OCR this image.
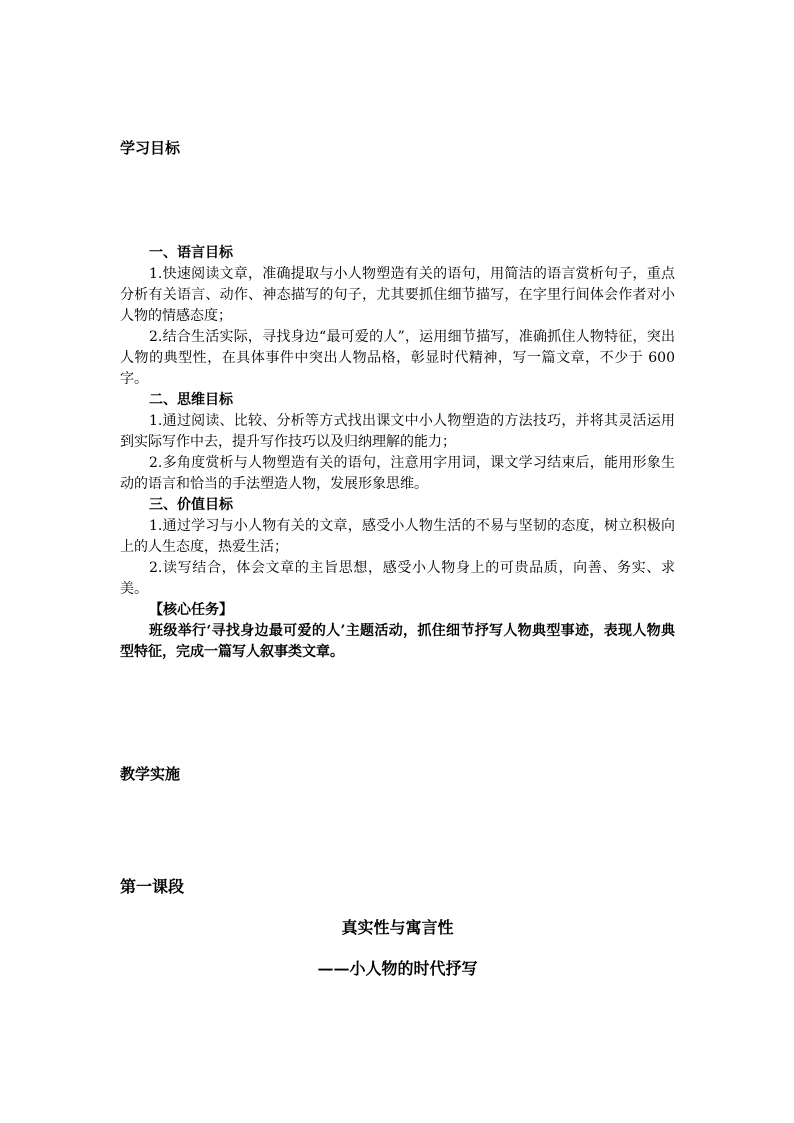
学习目标

一、语言目标

1.快速阅读文章，准确提取与小人物塑造有关的语句，用简洁的语言赏析句子，重点分析有关语言、动作、神态描写的句子，尤其要抓住细节描写，在字里行间体会作者对小人物的情感态度；

2.结合生活实际，寻找身边“最可爱的人”，运用细节描写，准确抓住人物特征，突出人物的典型性，在具体事件中突出人物品格，彰显时代精神，写一篇文章，不少于 600 字。

二、思维目标

1.通过阅读、比较、分析等方式找出课文中小人物塑造的方法技巧，并将其灵活运用到实际写作中去，提升写作技巧以及归纳理解的能力；

2.多角度赏析与人物塑造有关的语句，注意用字用词，课文学习结束后，能用形象生动的语言和恰当的手法塑造人物，发展形象思维。

三、价值目标

1.通过学习与小人物有关的文章，感受小人物生活的不易与坚韧的态度，树立积极向上的人生态度，热爱生活；

2.读写结合，体会文章的主旨思想，感受小人物身上的可贵品质，向善、务实、求美。

【核心任务】

班级举行‘寻找身边最可爱的人’主题活动，抓住细节抒写人物典型事迹，表现人物典型特征，完成一篇写人叙事类文章。

教学实施
第一课段
真实性与寓言性
——小人物的时代抒写
